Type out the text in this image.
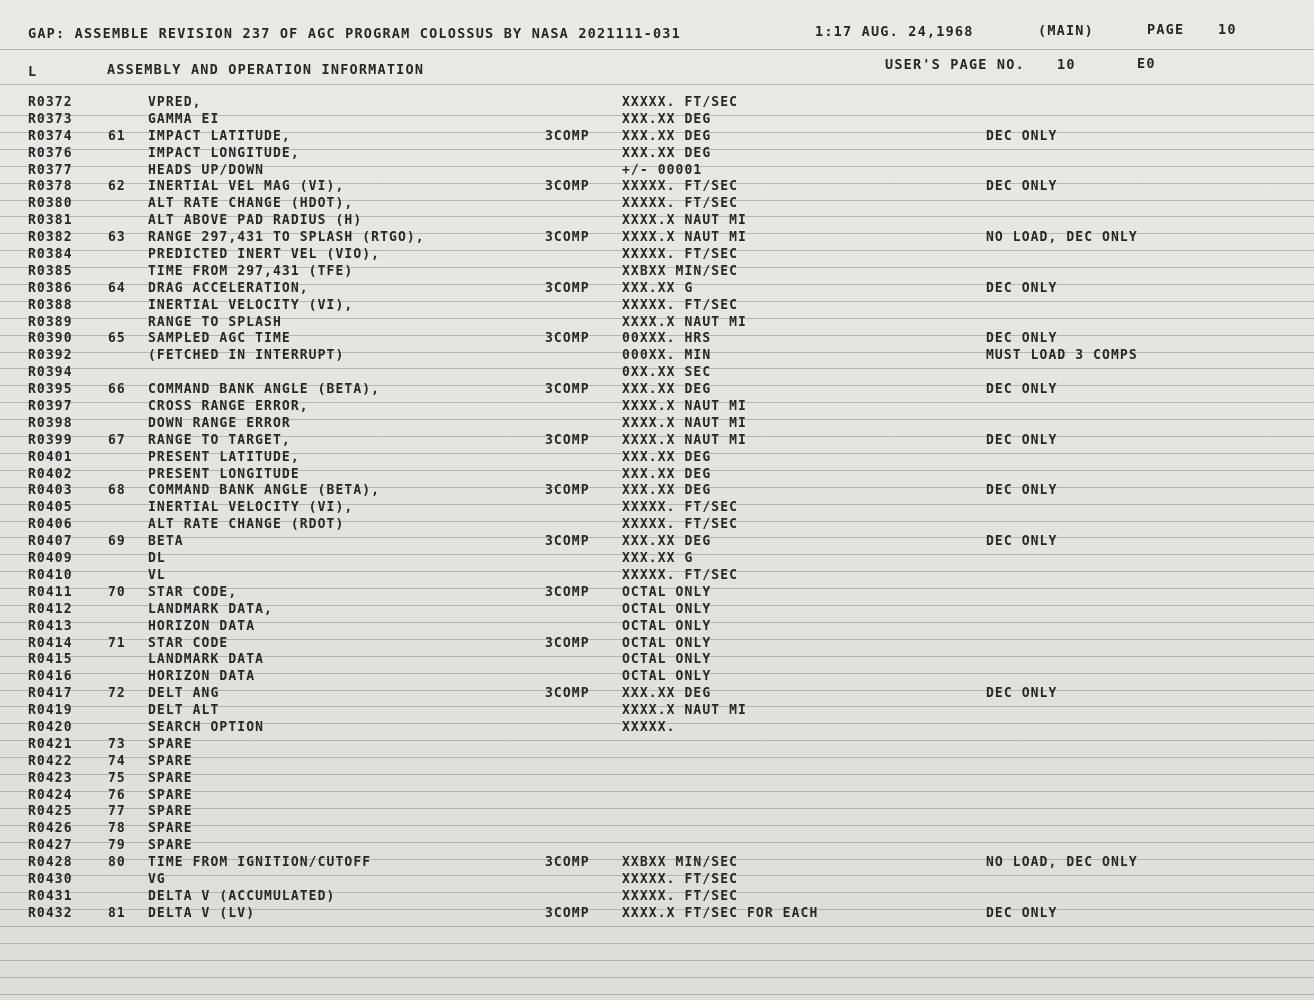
GAP: ASSEMBLE REVISION 237 OF AGC PROGRAM COLOSSUS BY NASA 2021111-031	1:17 AUG. 24,1968	(MAIN)	PAGE 10
L	ASSEMBLY AND OPERATION INFORMATION	USER'S PAGE NO. 10	E0
R0372	VPRED,	XXXXX. FT/SEC
R0373	GAMMA EI	XXX.XX DEG
R0374	61 IMPACT LATITUDE,	3COMP XXX.XX DEG	DEC ONLY
R0376	IMPACT LONGITUDE,	XXX.XX DEG
R0377	HEADS UP/DOWN	+/- 00001
R0378	62 INERTIAL VEL MAG (VI),	3COMP XXXXX. FT/SEC	DEC ONLY
R0380	ALT RATE CHANGE (HDOT),	XXXXX. FT/SEC
R0381	ALT ABOVE PAD RADIUS (H)	XXXX.X NAUT MI
R0382	63 RANGE 297,431 TO SPLASH (RTGO),	3COMP XXXX.X NAUT MI	NO LOAD, DEC ONLY
R0384	PREDICTED INERT VEL (VIO),	XXXXX. FT/SEC
R0385	TIME FROM 297,431 (TFE)	XXBXX MIN/SEC
R0386	64 DRAG ACCELERATION,	3COMP XXX.XX G	DEC ONLY
R0388	INERTIAL VELOCITY (VI),	XXXXX. FT/SEC
R0389	RANGE TO SPLASH	XXXX.X NAUT MI
R0390	65 SAMPLED AGC TIME	3COMP 00XXX. HRS	DEC ONLY
R0392	(FETCHED IN INTERRUPT)	000XX. MIN	MUST LOAD 3 COMPS
R0394	0XX.XX SEC
R0395	66 COMMAND BANK ANGLE (BETA),	3COMP XXX.XX DEG	DEC ONLY
R0397	CROSS RANGE ERROR,	XXXX.X NAUT MI
R0398	DOWN RANGE ERROR	XXXX.X NAUT MI
R0399	67 RANGE TO TARGET,	3COMP XXXX.X NAUT MI	DEC ONLY
R0401	PRESENT LATITUDE,	XXX.XX DEG
R0402	PRESENT LONGITUDE	XXX.XX DEG
R0403	68 COMMAND BANK ANGLE (BETA),	3COMP XXX.XX DEG	DEC ONLY
R0405	INERTIAL VELOCITY (VI),	XXXXX. FT/SEC
R0406	ALT RATE CHANGE (RDOT)	XXXXX. FT/SEC
R0407	69 BETA	3COMP XXX.XX DEG	DEC ONLY
R0409	DL	XXX.XX G
R0410	VL	XXXXX. FT/SEC
R0411	70 STAR CODE,	3COMP OCTAL ONLY
R0412	LANDMARK DATA,	OCTAL ONLY
R0413	HORIZON DATA	OCTAL ONLY
R0414	71 STAR CODE	3COMP OCTAL ONLY
R0415	LANDMARK DATA	OCTAL ONLY
R0416	HORIZON DATA	OCTAL ONLY
R0417	72 DELT ANG	3COMP XXX.XX DEG	DEC ONLY
R0419	DELT ALT	XXXX.X NAUT MI
R0420	SEARCH OPTION	XXXXX.
R0421	73 SPARE
R0422	74 SPARE
R0423	75 SPARE
R0424	76 SPARE
R0425	77 SPARE
R0426	78 SPARE
R0427	79 SPARE
R0428	80 TIME FROM IGNITION/CUTOFF	3COMP XXBXX MIN/SEC	NO LOAD, DEC ONLY
R0430	VG	XXXXX. FT/SEC
R0431	DELTA V (ACCUMULATED)	XXXXX. FT/SEC
R0432	81 DELTA V (LV)	3COMP XXXX.X FT/SEC FOR EACH	DEC ONLY
